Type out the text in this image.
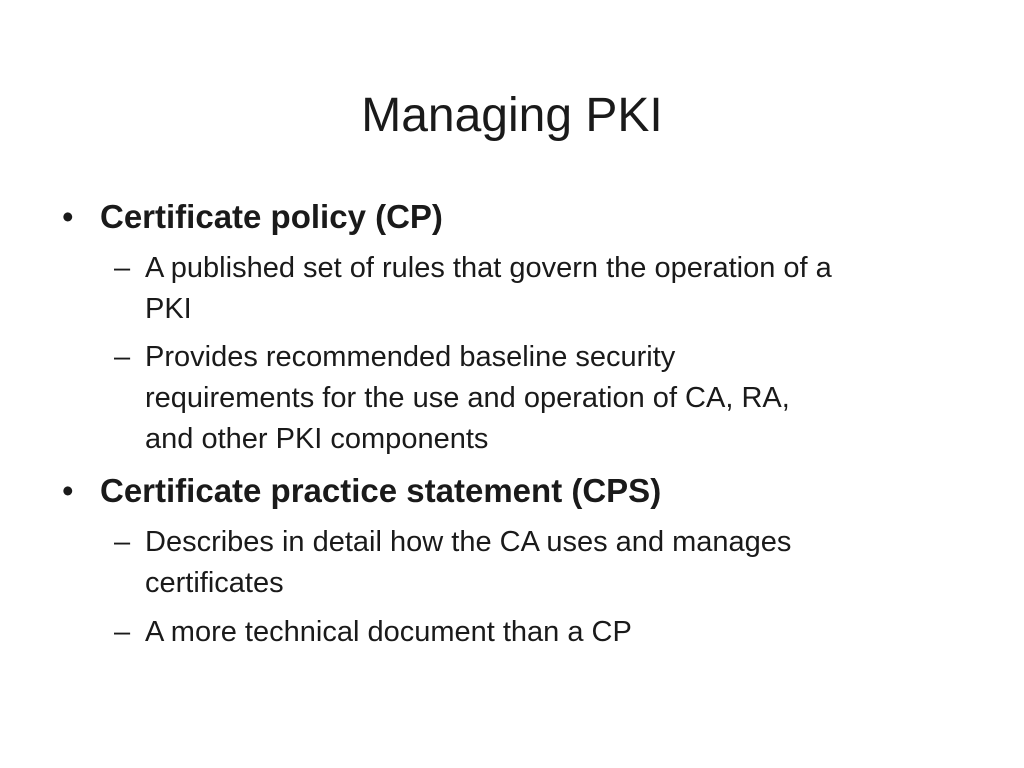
Managing PKI
• Certificate policy (CP)
– A published set of rules that govern the operation of a
PKI
– Provides recommended baseline security
requirements for the use and operation of CA, RA,
and other PKI components
• Certificate practice statement (CPS)
– Describes in detail how the CA uses and manages
certificates
– A more technical document than a CP
